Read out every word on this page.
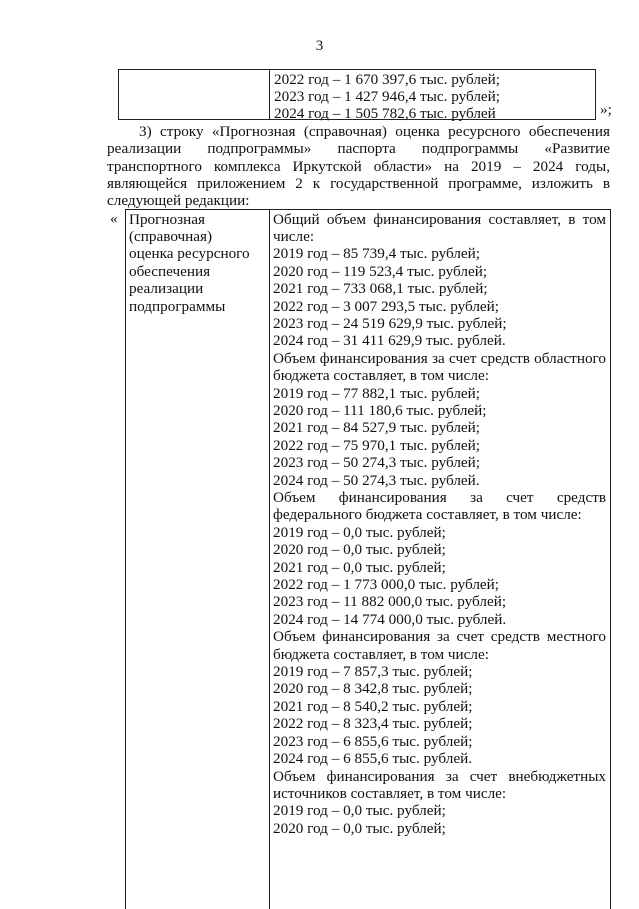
3
2022 год – 1 670 397,6 тыс. рублей;
2023 год – 1 427 946,4 тыс. рублей;
2024 год – 1 505 782,6 тыс. рублей	»;
3) строку «Прогнозная (справочная) оценка ресурсного обеспечения
реализации подпрограммы» паспорта подпрограммы «Развитие
транспортного комплекса Иркутской области» на 2019 – 2024 годы,
являющейся приложением 2 к государственной программе, изложить в
следующей редакции:
« Прогнозная
(справочная)
оценка ресурсного
обеспечения
реализации
подпрограммы
Общий объем финансирования составляет, в том
числе:
2019 год – 85 739,4 тыс. рублей;
2020 год – 119 523,4 тыс. рублей;
2021 год – 733 068,1 тыс. рублей;
2022 год – 3 007 293,5 тыс. рублей;
2023 год – 24 519 629,9 тыс. рублей;
2024 год – 31 411 629,9 тыс. рублей.
Объем финансирования за счет средств областного
бюджета составляет, в том числе:
2019 год – 77 882,1 тыс. рублей;
2020 год – 111 180,6 тыс. рублей;
2021 год – 84 527,9 тыс. рублей;
2022 год – 75 970,1 тыс. рублей;
2023 год – 50 274,3 тыс. рублей;
2024 год – 50 274,3 тыс. рублей.
Объем финансирования за счет средств
федерального бюджета составляет, в том числе:
2019 год – 0,0 тыс. рублей;
2020 год – 0,0 тыс. рублей;
2021 год – 0,0 тыс. рублей;
2022 год – 1 773 000,0 тыс. рублей;
2023 год – 11 882 000,0 тыс. рублей;
2024 год – 14 774 000,0 тыс. рублей.
Объем финансирования за счет средств местного
бюджета составляет, в том числе:
2019 год – 7 857,3 тыс. рублей;
2020 год – 8 342,8 тыс. рублей;
2021 год – 8 540,2 тыс. рублей;
2022 год – 8 323,4 тыс. рублей;
2023 год – 6 855,6 тыс. рублей;
2024 год – 6 855,6 тыс. рублей.
Объем финансирования за счет внебюджетных
источников составляет, в том числе:
2019 год – 0,0 тыс. рублей;
2020 год – 0,0 тыс. рублей;
